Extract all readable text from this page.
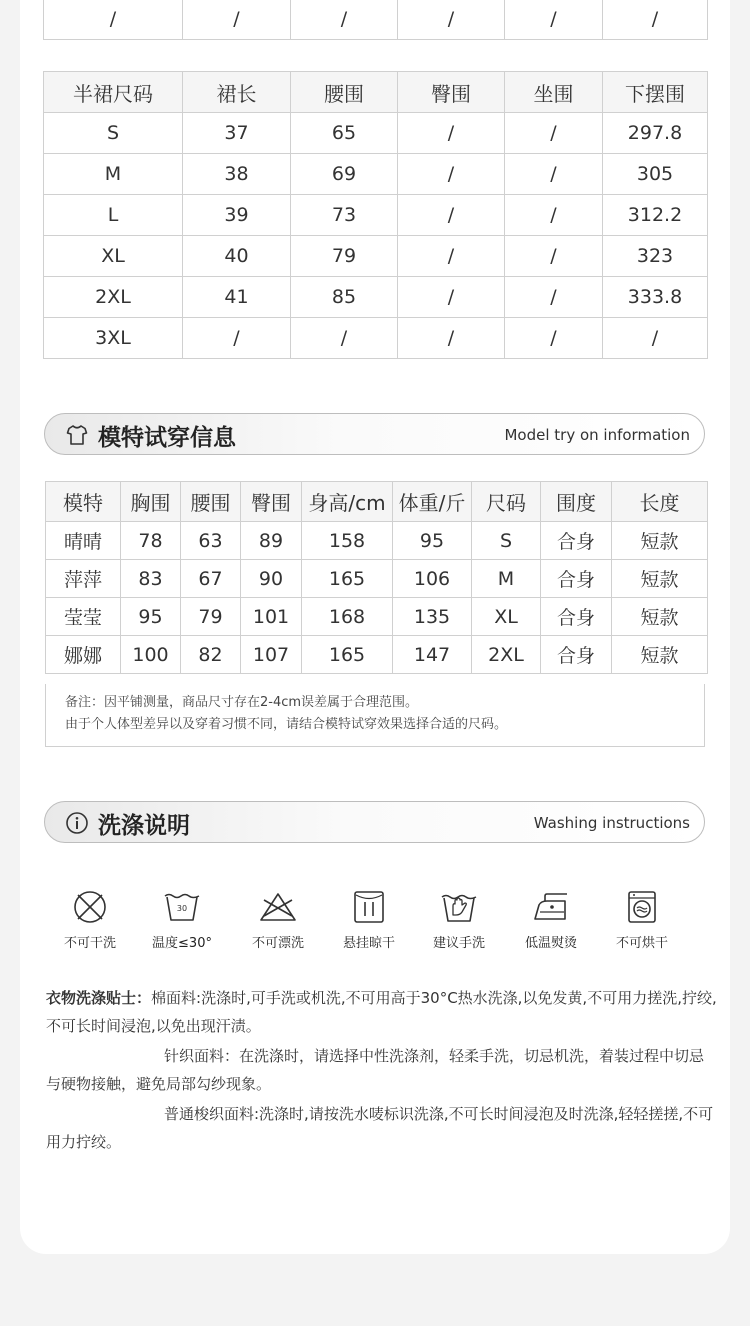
/	/	/	/	/	/
半裙尺码	裙长	腰围	臀围	坐围	下摆围
S	37	65	/	/	297.8
M	38	69	/	/	305
L	39	73	/	/	312.2
XL	40	79	/	/	323
2XL	41	85	/	/	333.8
3XL	/	/	/	/	/
模特试穿信息	Model try on information
模特	胸围	腰围	臀围	身高/cm	体重/斤	尺码	围度	长度
晴晴	78	63	89	158	95	S	合身	短款
萍萍	83	67	90	165	106	M	合身	短款
莹莹	95	79	101	168	135	XL	合身	短款
娜娜	100	82	107	165	147	2XL	合身	短款
备注：因平铺测量，商品尺寸存在2-4cm误差属于合理范围。
由于个人体型差异以及穿着习惯不同，请结合模特试穿效果选择合适的尺码。
洗涤说明	Washing instructions
不可干洗
30
温度≤30°	不可漂洗	悬挂晾干	建议手洗	低温熨烫	不可烘干

衣物洗涤贴士：棉面料:洗涤时,可手洗或机洗,不可用高于30°C热水洗涤,以免发黄,不可用力搓洗,拧绞,不可长时间浸泡,以免出现汗渍。

针织面料：在洗涤时，请选择中性洗涤剂，轻柔手洗，切忌机洗，着装过程中切忌与硬物接触，避免局部勾纱现象。

普通梭织面料:洗涤时,请按洗水唛标识洗涤,不可长时间浸泡及时洗涤,轻轻搓搓,不可用力拧绞。
